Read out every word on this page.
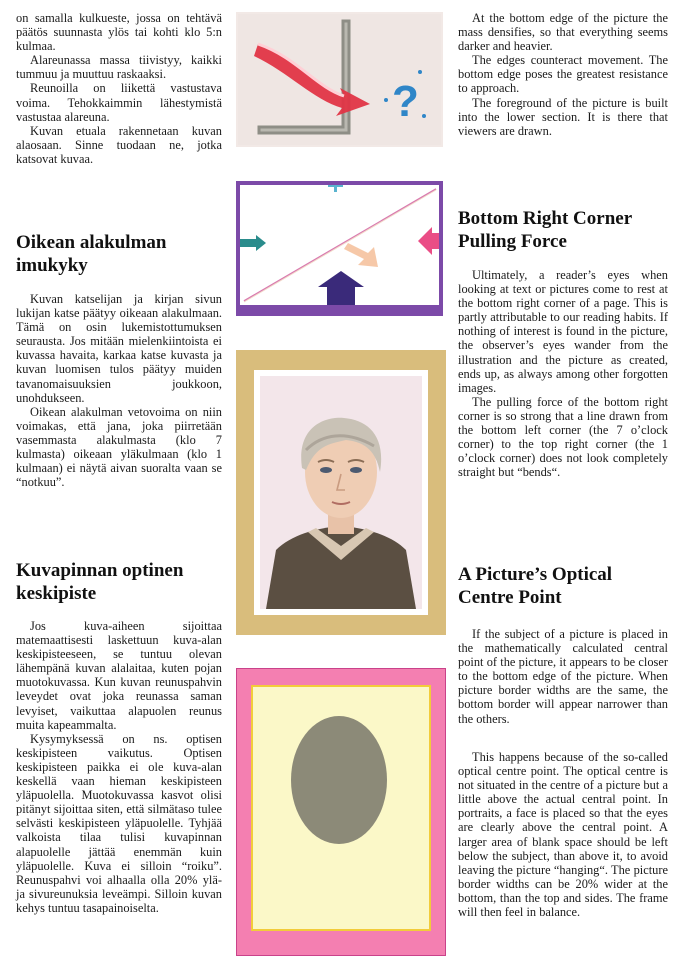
on samalla kulkueste, jossa on tehtävä päätös suunnasta ylös tai kohti klo 5:n kulmaa.

Alareunassa massa tiivistyy, kaikki tummuu ja muuttuu raskaaksi.

Reunoilla on liikettä vastustava voima. Tehokkaimmin lähestymistä vastustaa alareuna.

Kuvan etuala rakennetaan kuvan alaosaan. Sinne tuodaan ne, jotka katsovat kuvaa.

Oikean alakulman imukyky

Kuvan katselijan ja kirjan sivun lukijan katse päätyy oikeaan alakulmaan. Tämä on osin lukemistottumuksen seurausta. Jos mitään mielenkiintoista ei kuvassa havaita, karkaa katse kuvasta ja kuvan luomisen tulos päätyy muiden tavanomaisuuksien joukkoon, unohdukseen.

Oikean alakulman vetovoima on niin voimakas, että jana, joka piirretään vasemmasta alakulmasta (klo 7 kulmasta) oikeaan yläkulmaan (klo 1 kulmaan) ei näytä aivan suoralta vaan se “notkuu”.

Kuvapinnan optinen keskipiste

Jos kuva-aiheen sijoittaa matemaattisesti laskettuun kuva-alan keskipisteeseen, se tuntuu olevan lähempänä kuvan alalaitaa, kuten pojan muotokuvassa. Kun kuvan reunuspahvin leveydet ovat joka reunassa saman levyiset, vaikuttaa alapuolen reunus muita kapeammalta.

Kysymyksessä on ns. optisen keskipisteen vaikutus. Optisen keskipisteen paikka ei ole kuva-alan keskellä vaan hieman keskipisteen yläpuolella. Muotokuvassa kasvot olisi pitänyt sijoittaa siten, että silmätaso tulee selvästi keskipisteen yläpuolelle. Tyhjää valkoista tilaa tulisi kuvapinnan alapuolelle jättää enemmän kuin yläpuolelle. Kuva ei silloin “roiku”. Reunuspahvi voi alhaalla olla 20% ylä- ja sivureunuksia leveämpi. Silloin kuvan kehys tuntuu tasapainoiselta.

?

At the bottom edge of the picture the mass densifies, so that everything seems darker and heavier.

The edges counteract movement. The bottom edge poses the greatest resistance to approach.

The foreground of the picture is built into the lower section. It is there that viewers are drawn.

Bottom Right Corner Pulling Force

Ultimately, a reader’s eyes when looking at text or pictures come to rest at the bottom right corner of a page. This is partly attributable to our reading habits. If nothing of interest is found in the picture, the observer’s eyes wander from the illustration and the picture as created, ends up, as always among other forgotten images.

The pulling force of the bottom right corner is so strong that a line drawn from the bottom left corner (the 7 o’clock corner) to the top right corner (the 1 o’clock corner) does not look completely straight but “bends“.

A Picture’s Optical Centre Point

If the subject of a picture is placed in the mathematically calculated central point of the picture, it appears to be closer to the bottom edge of the picture. When picture border widths are the same, the bottom border will appear narrower than the others.

This happens because of the so-called optical centre point. The optical centre is not situated in the centre of a picture but a little above the actual central point. In portraits, a face is placed so that the eyes are clearly above the central point. A larger area of blank space should be left below the subject, than above it, to avoid leaving the picture “hanging“. The picture border widths can be 20% wider at the bottom, than the top and sides. The frame will then feel in balance.
